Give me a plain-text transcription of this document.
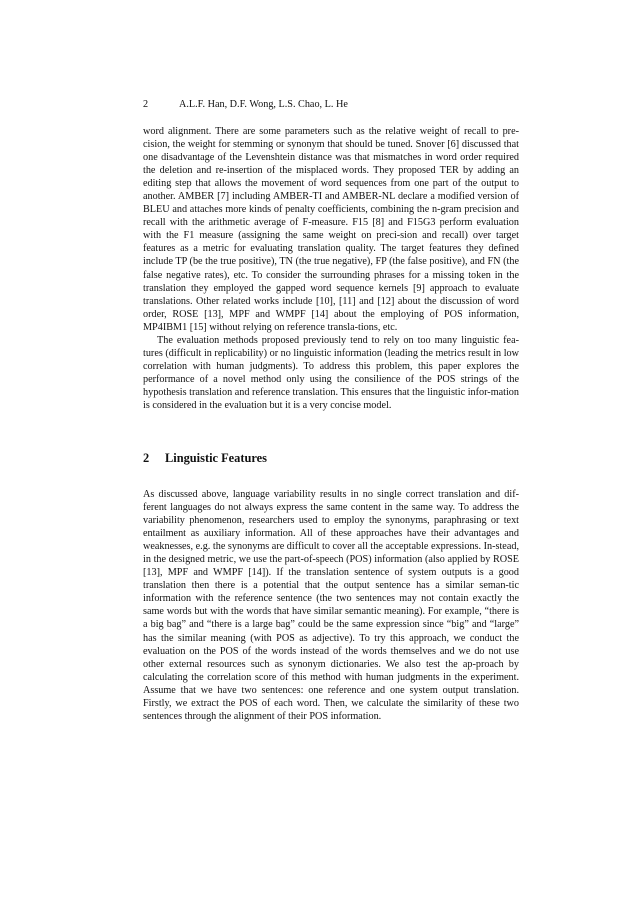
2	A.L.F. Han, D.F. Wong, L.S. Chao, L. He

word alignment. There are some parameters such as the relative weight of recall to pre-cision, the weight for stemming or synonym that should be tuned. Snover [6] discussed that one disadvantage of the Levenshtein distance was that mismatches in word order required the deletion and re-insertion of the misplaced words. They proposed TER by adding an editing step that allows the movement of word sequences from one part of the output to another. AMBER [7] including AMBER-TI and AMBER-NL declare a modified version of BLEU and attaches more kinds of penalty coefficients, combining the n-gram precision and recall with the arithmetic average of F-measure. F15 [8] and F15G3 perform evaluation with the F1 measure (assigning the same weight on preci-sion and recall) over target features as a metric for evaluating translation quality. The target features they defined include TP (be the true positive), TN (the true negative), FP (the false positive), and FN (the false negative rates), etc. To consider the surrounding phrases for a missing token in the translation they employed the gapped word sequence kernels [9] approach to evaluate translations. Other related works include [10], [11] and [12] about the discussion of word order, ROSE [13], MPF and WMPF [14] about the employing of POS information, MP4IBM1 [15] without relying on reference transla-tions, etc.

The evaluation methods proposed previously tend to rely on too many linguistic fea-tures (difficult in replicability) or no linguistic information (leading the metrics result in low correlation with human judgments). To address this problem, this paper explores the performance of a novel method only using the consilience of the POS strings of the hypothesis translation and reference translation. This ensures that the linguistic infor-mation is considered in the evaluation but it is a very concise model.

2 Linguistic Features

As discussed above, language variability results in no single correct translation and dif-ferent languages do not always express the same content in the same way. To address the variability phenomenon, researchers used to employ the synonyms, paraphrasing or text entailment as auxiliary information. All of these approaches have their advantages and weaknesses, e.g. the synonyms are difficult to cover all the acceptable expressions. In-stead, in the designed metric, we use the part-of-speech (POS) information (also applied by ROSE [13], MPF and WMPF [14]). If the translation sentence of system outputs is a good translation then there is a potential that the output sentence has a similar seman-tic information with the reference sentence (the two sentences may not contain exactly the same words but with the words that have similar semantic meaning). For example, “there is a big bag” and “there is a large bag” could be the same expression since “big” and “large” has the similar meaning (with POS as adjective). To try this approach, we conduct the evaluation on the POS of the words instead of the words themselves and we do not use other external resources such as synonym dictionaries. We also test the ap-proach by calculating the correlation score of this method with human judgments in the experiment. Assume that we have two sentences: one reference and one system output translation. Firstly, we extract the POS of each word. Then, we calculate the similarity of these two sentences through the alignment of their POS information.
